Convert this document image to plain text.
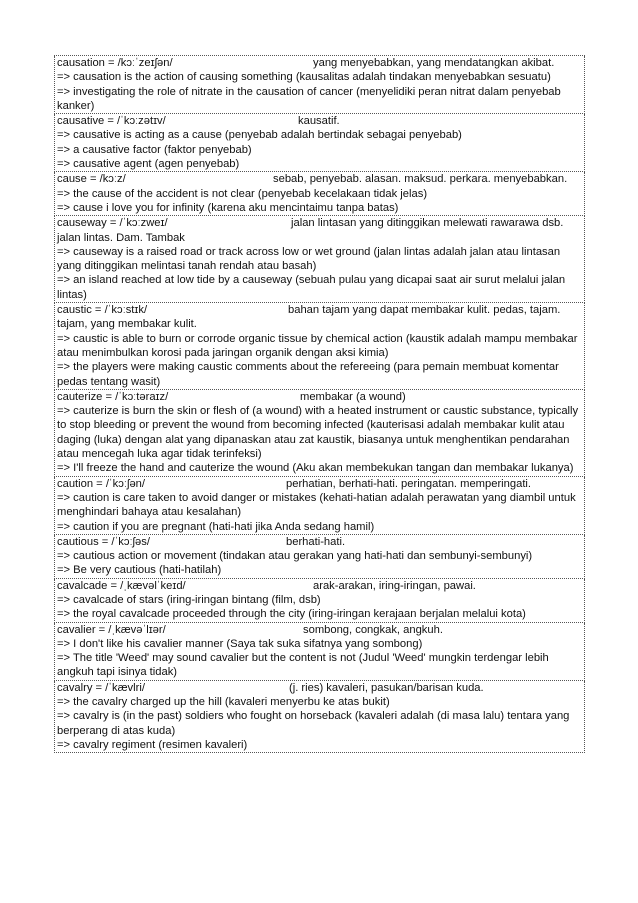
causation = /kɔːˈzeɪʃən/	yang menyebabkan, yang mendatangkan akibat.
=> causation is the action of causing something (kausalitas adalah tindakan menyebabkan sesuatu)
=> investigating the role of nitrate in the causation of cancer (menyelidiki peran nitrat dalam penyebab kanker)
causative = /ˈkɔːzətɪv/	kausatif.
=> causative is acting as a cause (penyebab adalah bertindak sebagai penyebab)
=> a causative factor (faktor penyebab)
=> causative agent (agen penyebab)
cause = /kɔːz/	sebab, penyebab. alasan. maksud. perkara. menyebabkan.
=> the cause of the accident is not clear (penyebab kecelakaan tidak jelas)
=> cause i love you for infinity (karena aku mencintaimu tanpa batas)
causeway = /ˈkɔːzweɪ/	jalan lintasan yang ditinggikan melewati rawarawa dsb. jalan lintas. Dam. Tambak
=> causeway is a raised road or track across low or wet ground (jalan lintas adalah jalan atau lintasan yang ditinggikan melintasi tanah rendah atau basah)
=> an island reached at low tide by a causeway (sebuah pulau yang dicapai saat air surut melalui jalan lintas)
caustic = /ˈkɔːstɪk/	bahan tajam yang dapat membakar kulit. pedas, tajam. tajam, yang membakar kulit.
=> caustic is able to burn or corrode organic tissue by chemical action (kaustik adalah mampu membakar atau menimbulkan korosi pada jaringan organik dengan aksi kimia)
=> the players were making caustic comments about the refereeing (para pemain membuat komentar pedas tentang wasit)
cauterize = /ˈkɔːtəraɪz/	membakar (a wound)
=> cauterize is burn the skin or flesh of (a wound) with a heated instrument or caustic substance, typically to stop bleeding or prevent the wound from becoming infected (kauterisasi adalah membakar kulit atau daging (luka) dengan alat yang dipanaskan atau zat kaustik, biasanya untuk menghentikan pendarahan atau mencegah luka agar tidak terinfeksi)
=> I'll freeze the hand and cauterize the wound (Aku akan membekukan tangan dan membakar lukanya)
caution = /ˈkɔːʃən/	perhatian, berhati-hati. peringatan. memperingati.
=> caution is care taken to avoid danger or mistakes (kehati-hatian adalah perawatan yang diambil untuk menghindari bahaya atau kesalahan)
=> caution if you are pregnant (hati-hati jika Anda sedang hamil)
cautious = /ˈkɔːʃəs/	berhati-hati.
=> cautious action or movement (tindakan atau gerakan yang hati-hati dan sembunyi-sembunyi)
=> Be very cautious (hati-hatilah)
cavalcade = /ˌkævəlˈkeɪd/	arak-arakan, iring-iringan, pawai.
=> cavalcade of stars (iring-iringan bintang (film, dsb)
=> the royal cavalcade proceeded through the city (iring-iringan kerajaan berjalan melalui kota)
cavalier = /ˌkævəˈlɪər/	sombong, congkak, angkuh.
=> I don't like his cavalier manner (Saya tak suka sifatnya yang sombong)
=> The title 'Weed' may sound cavalier but the content is not (Judul 'Weed' mungkin terdengar lebih angkuh tapi isinya tidak)
cavalry = /ˈkævlri/	(j. ries) kavaleri, pasukan/barisan kuda.
=> the cavalry charged up the hill (kavaleri menyerbu ke atas bukit)
=> cavalry is (in the past) soldiers who fought on horseback (kavaleri adalah (di masa lalu) tentara yang berperang di atas kuda)
=> cavalry regiment (resimen kavaleri)
